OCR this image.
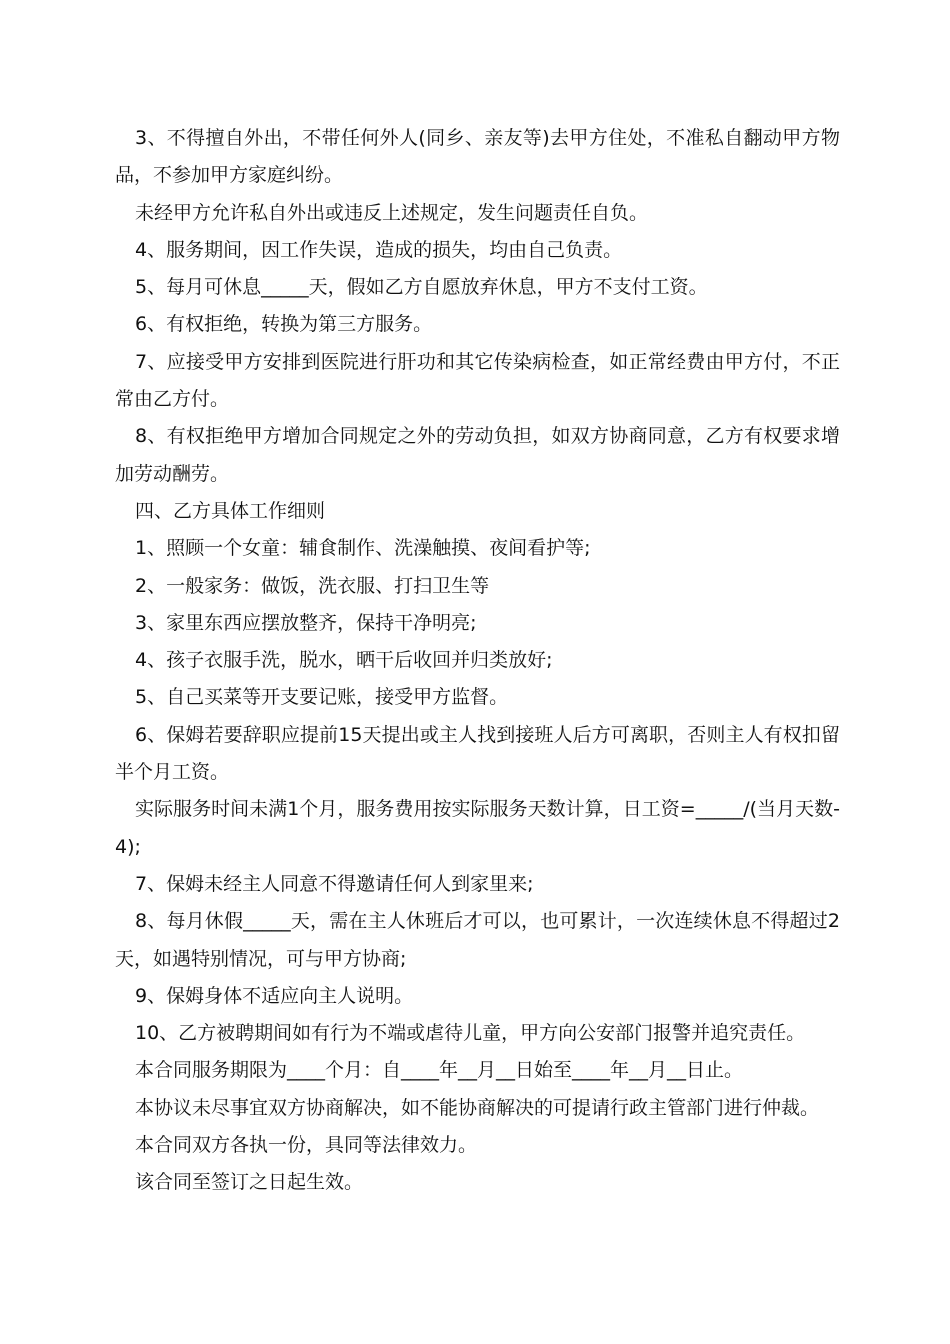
3、不得擅自外出，不带任何外人(同乡、亲友等)去甲方住处，不准私自翻动甲方物品，不参加甲方家庭纠纷。

未经甲方允许私自外出或违反上述规定，发生问题责任自负。

4、服务期间，因工作失误，造成的损失，均由自己负责。

5、每月可休息_____天，假如乙方自愿放弃休息，甲方不支付工资。

6、有权拒绝，转换为第三方服务。

7、应接受甲方安排到医院进行肝功和其它传染病检查，如正常经费由甲方付，不正常由乙方付。

8、有权拒绝甲方增加合同规定之外的劳动负担，如双方协商同意，乙方有权要求增加劳动酬劳。

四、乙方具体工作细则

1、照顾一个女童：辅食制作、洗澡触摸、夜间看护等;

2、一般家务：做饭，洗衣服、打扫卫生等

3、家里东西应摆放整齐，保持干净明亮;

4、孩子衣服手洗，脱水，晒干后收回并归类放好;

5、自己买菜等开支要记账，接受甲方监督。

6、保姆若要辞职应提前15天提出或主人找到接班人后方可离职，否则主人有权扣留半个月工资。

实际服务时间未满1个月，服务费用按实际服务天数计算，日工资=_____/(当月天数-4);

7、保姆未经主人同意不得邀请任何人到家里来;

8、每月休假_____天，需在主人休班后才可以，也可累计，一次连续休息不得超过2天，如遇特别情况，可与甲方协商;

9、保姆身体不适应向主人说明。

10、乙方被聘期间如有行为不端或虐待儿童，甲方向公安部门报警并追究责任。

本合同服务期限为____个月：自____年__月__日始至____年__月__日止。

本协议未尽事宜双方协商解决，如不能协商解决的可提请行政主管部门进行仲裁。

本合同双方各执一份，具同等法律效力。

该合同至签订之日起生效。
